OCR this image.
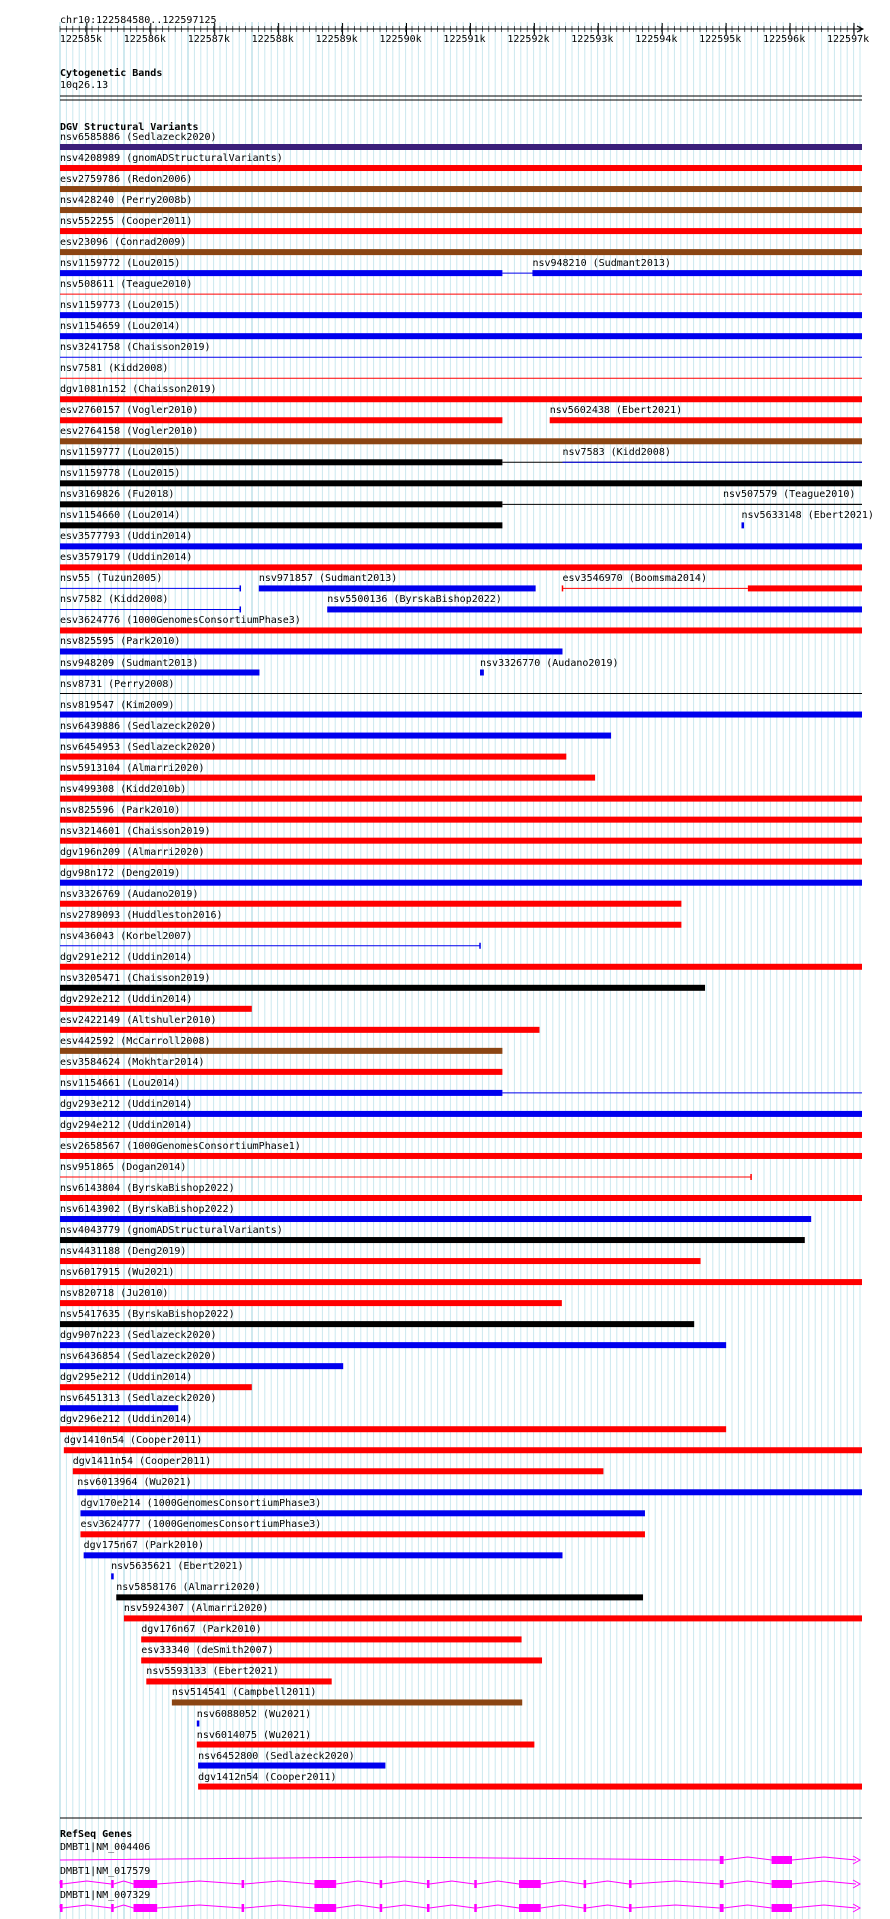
chr10:122584580..122597125
122585k 122586k 122587k 122588k 122589k 122590k 122591k 122592k 122593k 122594k 122595k 122596k 122597k
Cytogenetic Bands
10q26.13
DGV Structural Variants
nsv6585886 (Sedlazeck2020)
nsv4208989 (gnomADStructuralVariants)
esv2759786 (Redon2006)
nsv428240 (Perry2008b)
nsv552255 (Cooper2011)
esv23096 (Conrad2009)
nsv1159772 (Lou2015)
nsv508611 (Teague2010)
nsv1159773 (Lou2015)
nsv1154659 (Lou2014)
nsv3241758 (Chaisson2019)
nsv7581 (Kidd2008)
dgv1081n152 (Chaisson2019)
esv2760157 (Vogler2010)
nsv948210 (Sudmant2013)
esv2764158 (Vogler2010)
nsv1159777 (Lou2015)
nsv1159778 (Lou2015)
nsv3169826 (Fu2018)
nsv1154660 (Lou2014)
esv3577793 (Uddin2014)
esv3579179 (Uddin2014)
nsv55 (Tuzun2005)	nsv971857 (Sudmant2013)
nsv5602438 (Ebert2021)
nsv7582 (Kidd2008)	nsv5500136 (ByrskaBishop2022)
esv3624776 (1000GenomesConsortiumPhase3)
nsv825595 (Park2010)
nsv7583 (Kidd2008)
nsv948209 (Sudmant2013)	nsv3326770 (Audano2019)
nsv507579 (Teague2010)
nsv8731 (Perry2008)
nsv819547 (Kim2009)
nsv6439886 (Sedlazeck2020)
nsv5633148 (Ebert2021)
nsv6454953 (Sedlazeck2020)
nsv5913104 (Almarri2020)
nsv499308 (Kidd2010b)
nsv825596 (Park2010)
nsv3214601 (Chaisson2019)
dgv196n209 (Almarri2020)
dgv98n172 (Deng2019)
nsv3326769 (Audano2019)
nsv2789093 (Huddleston2016)
nsv436043 (Korbel2007)
esv3546970 (Boomsma2014)
dgv291e212 (Uddin2014)
nsv3205471 (Chaisson2019)
dgv292e212 (Uddin2014)
esv2422149 (Altshuler2010)
esv442592 (McCarroll2008)
esv3584624 (Mokhtar2014)
nsv1154661 (Lou2014)
dgv293e212 (Uddin2014)
dgv294e212 (Uddin2014)
esv2658567 (1000GenomesConsortiumPhase1)
nsv951865 (Dogan2014)
nsv6143804 (ByrskaBishop2022)
nsv6143902 (ByrskaBishop2022)
nsv4043779 (gnomADStructuralVariants)
nsv4431188 (Deng2019)
nsv6017915 (Wu2021)
nsv820718 (Ju2010)
nsv5417635 (ByrskaBishop2022)
dgv907n223 (Sedlazeck2020)
nsv6436854 (Sedlazeck2020)
dgv295e212 (Uddin2014)
nsv6451313 (Sedlazeck2020)
dgv296e212 (Uddin2014)
dgv1410n54 (Cooper2011)
dgv1411n54 (Cooper2011)
nsv6013964 (Wu2021)
dgv170e214 (1000GenomesConsortiumPhase3)
esv3624777 (1000GenomesConsortiumPhase3)
dgv175n67 (Park2010)
nsv5635621 (Ebert2021)
nsv5858176 (Almarri2020)
nsv5924307 (Almarri2020)
dgv176n67 (Park2010)
esv33340 (deSmith2007)
nsv5593133 (Ebert2021)
nsv514541 (Campbell2011)
nsv6088052 (Wu2021)
nsv6014075 (Wu2021)
nsv6452800 (Sedlazeck2020)
dgv1412n54 (Cooper2011)
RefSeq Genes
DMBT1|NM_004406
DMBT1|NM_017579
DMBT1|NM_007329
